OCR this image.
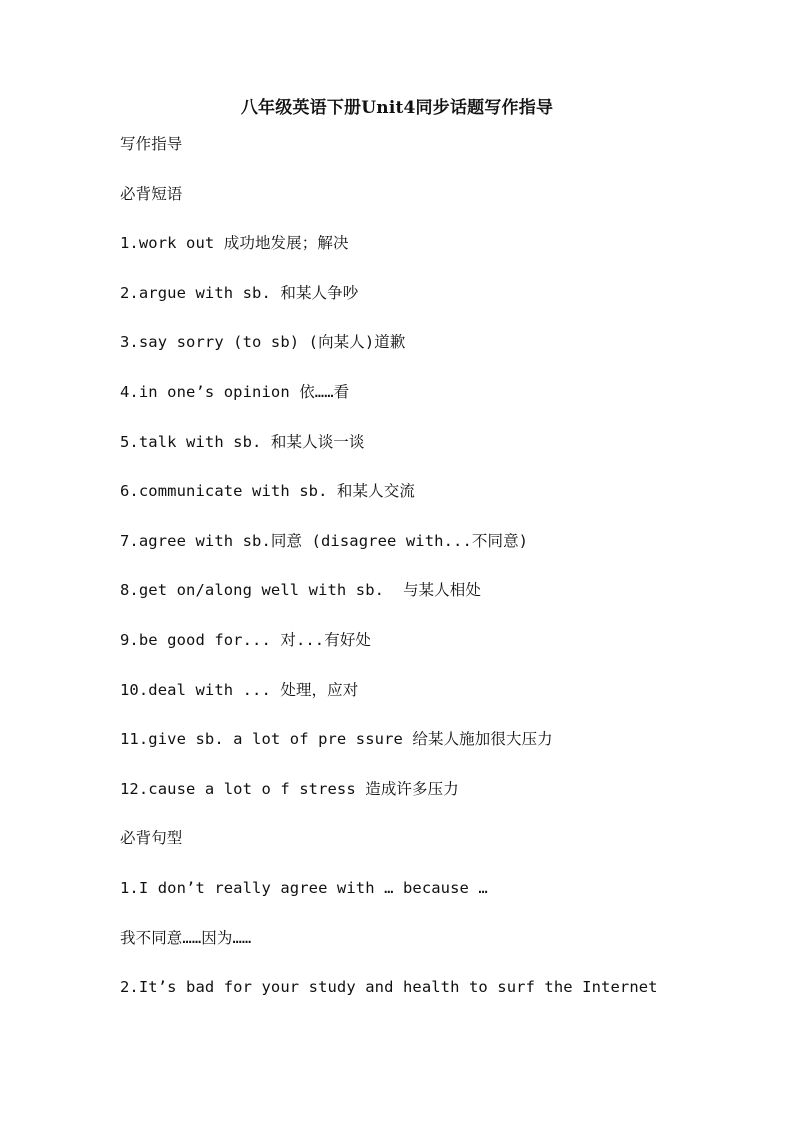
八年级英语下册Unit4同步话题写作指导
写作指导
必背短语
1.work out 成功地发展；解决
2.argue with sb. 和某人争吵
3.say sorry (to sb) (向某人)道歉
4.in one’s opinion 依……看
5.talk with sb. 和某人谈一谈
6.communicate with sb. 和某人交流
7.agree with sb.同意 (disagree with...不同意)
8.get on/along well with sb.  与某人相处
9.be good for... 对...有好处
10.deal with ... 处理，应对
11.give sb. a lot of pre ssure 给某人施加很大压力
12.cause a lot o f stress 造成许多压力
必背句型
1.I don’t really agree with … because …
我不同意……因为……
2.It’s bad for your study and health to surf the Internet
